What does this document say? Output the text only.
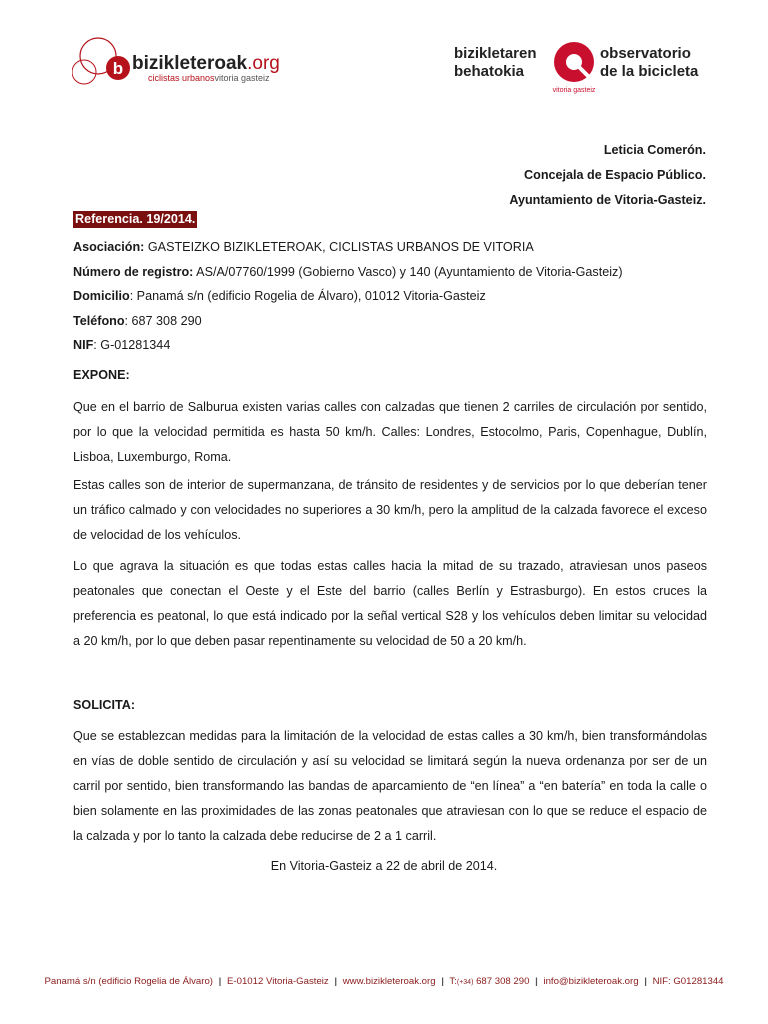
b bizikleteroak.org
ciclistas urbanosvitoria gasteiz
bizikletaren
behatokia
observatorio
de la bicicleta
vitoria gasteiz
Leticia Comerón.
Concejala de Espacio Público.
Ayuntamiento de Vitoria-Gasteiz.
Referencia. 19/2014.
Asociación: GASTEIZKO BIZIKLETEROAK, CICLISTAS URBANOS DE VITORIA
Número de registro: AS/A/07760/1999 (Gobierno Vasco) y 140 (Ayuntamiento de Vitoria-Gasteiz)
Domicilio: Panamá s/n (edificio Rogelia de Álvaro), 01012 Vitoria-Gasteiz
Teléfono: 687 308 290
NIF: G-01281344
EXPONE:
Que en el barrio de Salburua existen varias calles con calzadas que tienen 2 carriles de circulación por sentido, por lo que la velocidad permitida es hasta 50 km/h. Calles: Londres, Estocolmo, Paris, Copenhague, Dublín, Lisboa, Luxemburgo, Roma.
Estas calles son de interior de supermanzana, de tránsito de residentes y de servicios por lo que deberían tener un tráfico calmado y con velocidades no superiores a 30 km/h, pero la amplitud de la calzada favorece el exceso de velocidad de los vehículos.
Lo que agrava la situación es que todas estas calles hacia la mitad de su trazado, atraviesan unos paseos peatonales que conectan el Oeste y el Este del barrio (calles Berlín y Estrasburgo). En estos cruces la preferencia es peatonal, lo que está indicado por la señal vertical S28 y los vehículos deben limitar su velocidad a 20 km/h, por lo que deben pasar repentinamente su velocidad de 50 a 20 km/h.
SOLICITA:
Que se establezcan medidas para la limitación de la velocidad de estas calles a 30 km/h, bien transformándolas en vías de doble sentido de circulación y así su velocidad se limitará según la nueva ordenanza por ser de un carril por sentido, bien transformando las bandas de aparcamiento de “en línea” a “en batería” en toda la calle o bien solamente en las proximidades de las zonas peatonales que atraviesan con lo que se reduce el espacio de la calzada y por lo tanto la calzada debe reducirse de 2 a 1 carril.
En Vitoria-Gasteiz a 22 de abril de 2014.
Panamá s/n (edificio Rogelia de Álvaro) | E-01012 Vitoria-Gasteiz | www.bizikleteroak.org | T:(+34) 687 308 290 | info@bizikleteroak.org | NIF: G01281344
